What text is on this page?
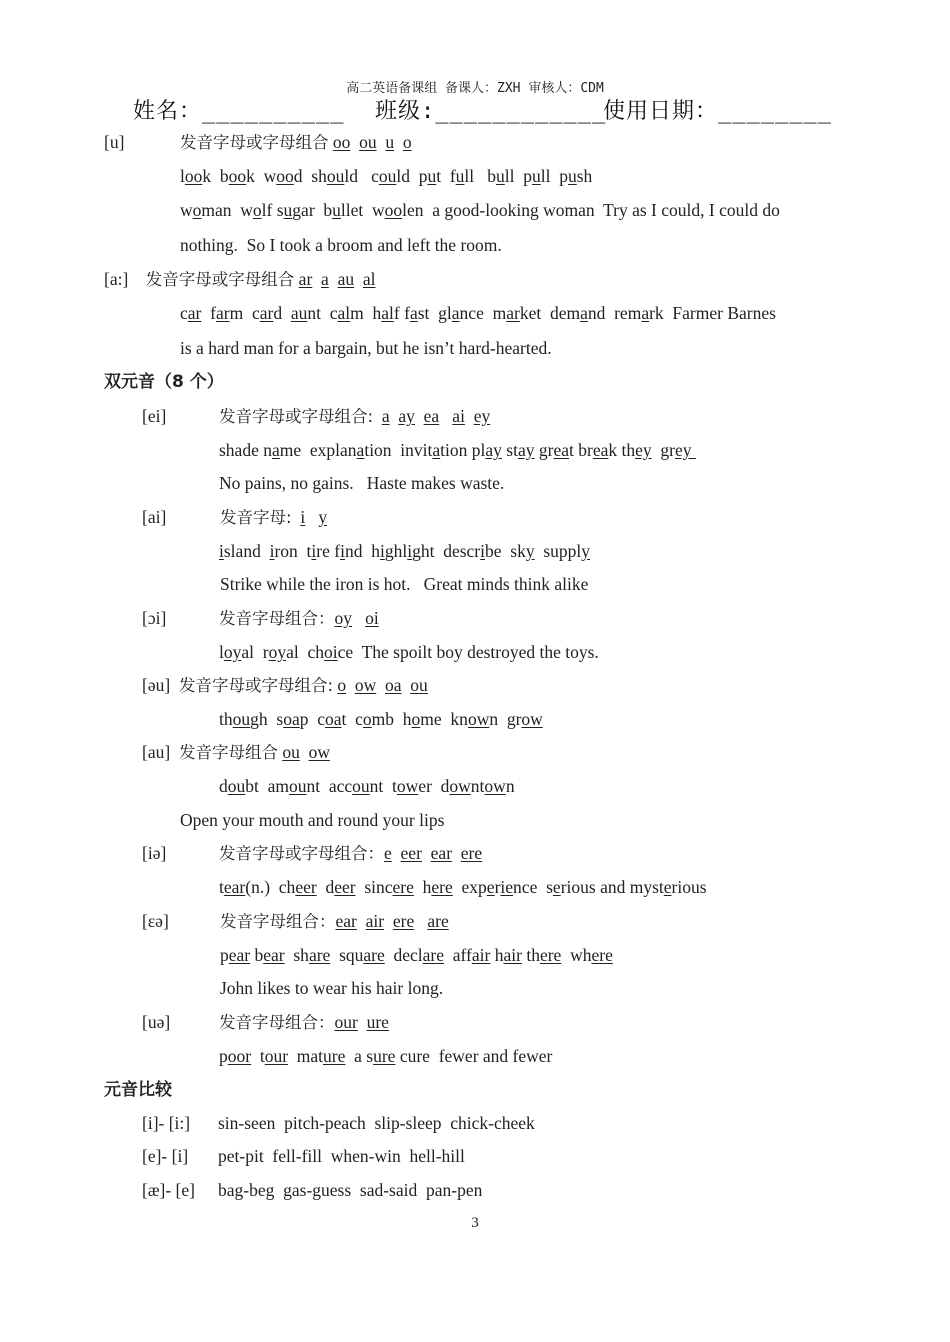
高二英语备课组 备课人：ZXH 审核人：CDM
姓名：__________ 班级:____________
使用日期：________
[u]	发音字母或字母组合 oo ou u o
look  book  wood  should   could  put  full   bull  pull  push
woman  wolf sugar  bullet  woolen  a good-looking woman  Try as I could, I could do
nothing.  So I took a broom and left the room.
[a:]    发音字母或字母组合 ar a au al
car  farm  card  aunt  calm  half fast  glance  market  demand  remark  Farmer Barnes
is a hard man for a bargain, but he isn’t hard-hearted.
双元音（8 个）
[ei]	发音字母或字母组合: a ay ea ai ey
shade name  explanation  invitation play stay great break they  grey
No pains, no gains.   Haste makes waste.
[ai]	发音字母: i y
island  iron  tire find  highlight  describe  sky  supply
Strike while the iron is hot.   Great minds think alike
[ɔi]	发音字母组合：oy oi
loyal  royal  choice  The spoilt boy destroyed the toys.
[əu]  发音字母或字母组合: o ow oa ou
though  soap  coat  comb  home  known  grow
[au]  发音字母组合 ou ow
doubt  amount  account  tower  downtown
Open your mouth and round your lips
[iə]	发音字母或字母组合：e eer ear ere
tear(n.)  cheer  deer  sincere  here  experience  serious and mysterious
[εə]	发音字母组合：ear air ere are
pear bear  share  square  declare  affair hair there  where
John likes to wear his hair long.
[uə]	发音字母组合：our ure
poor  tour  mature  a sure cure  fewer and fewer
元音比较
[i]- [i:] sin-seen  pitch-peach  slip-sleep  chick-cheek
[e]- [i] pet-pit  fell-fill  when-win  hell-hill
[æ]- [e] bag-beg  gas-guess  sad-said  pan-pen
3
